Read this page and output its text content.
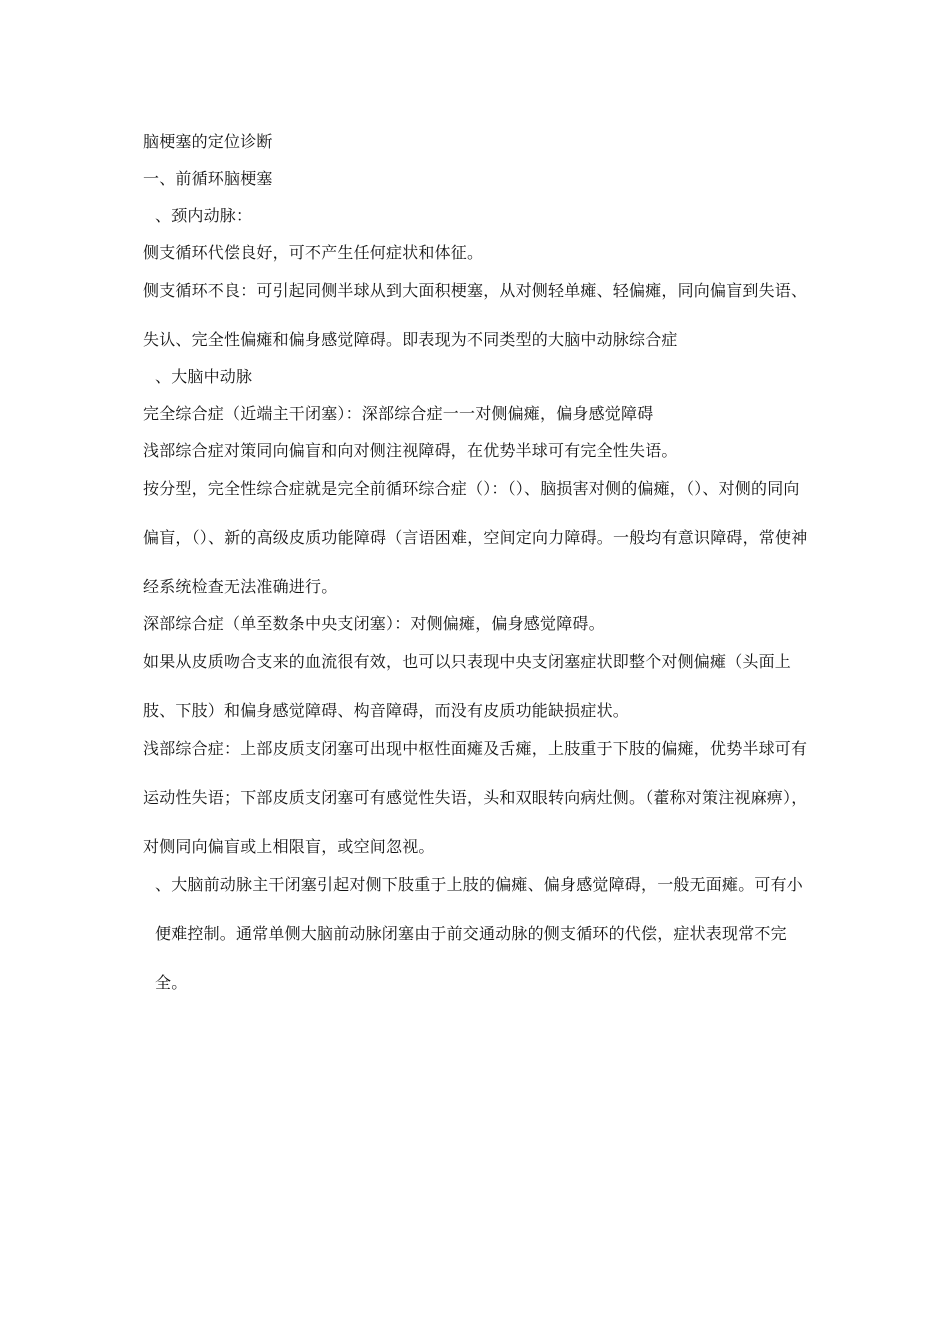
脑梗塞的定位诊断
一、前循环脑梗塞
、颈内动脉：
侧支循环代偿良好，可不产生任何症状和体征。
侧支循环不良：可引起同侧半球从到大面积梗塞，从对侧轻单瘫、轻偏瘫，同向偏盲到失语、失认、完全性偏瘫和偏身感觉障碍。即表现为不同类型的大脑中动脉综合症
、大脑中动脉
完全综合症（近端主干闭塞）：深部综合症一一对侧偏瘫，偏身感觉障碍
浅部综合症对策同向偏盲和向对侧注视障碍，在优势半球可有完全性失语。
按分型，完全性综合症就是完全前循环综合症（）：（）、脑损害对侧的偏瘫，（）、对侧的同向偏盲，（）、新的高级皮质功能障碍（言语困难，空间定向力障碍。一般均有意识障碍，常使神经系统检查无法准确进行。
深部综合症（单至数条中央支闭塞）：对侧偏瘫，偏身感觉障碍。
如果从皮质吻合支来的血流很有效，也可以只表现中央支闭塞症状即整个对侧偏瘫（头面上肢、下肢）和偏身感觉障碍、构音障碍，而没有皮质功能缺损症状。
浅部综合症：上部皮质支闭塞可出现中枢性面瘫及舌瘫，上肢重于下肢的偏瘫，优势半球可有运动性失语；下部皮质支闭塞可有感觉性失语，头和双眼转向病灶侧。（藿称对策注视麻痹），对侧同向偏盲或上相限盲，或空间忽视。
、大脑前动脉主干闭塞引起对侧下肢重于上肢的偏瘫、偏身感觉障碍，一般无面瘫。可有小便难控制。通常单侧大脑前动脉闭塞由于前交通动脉的侧支循环的代偿，症状表现常不完全。
